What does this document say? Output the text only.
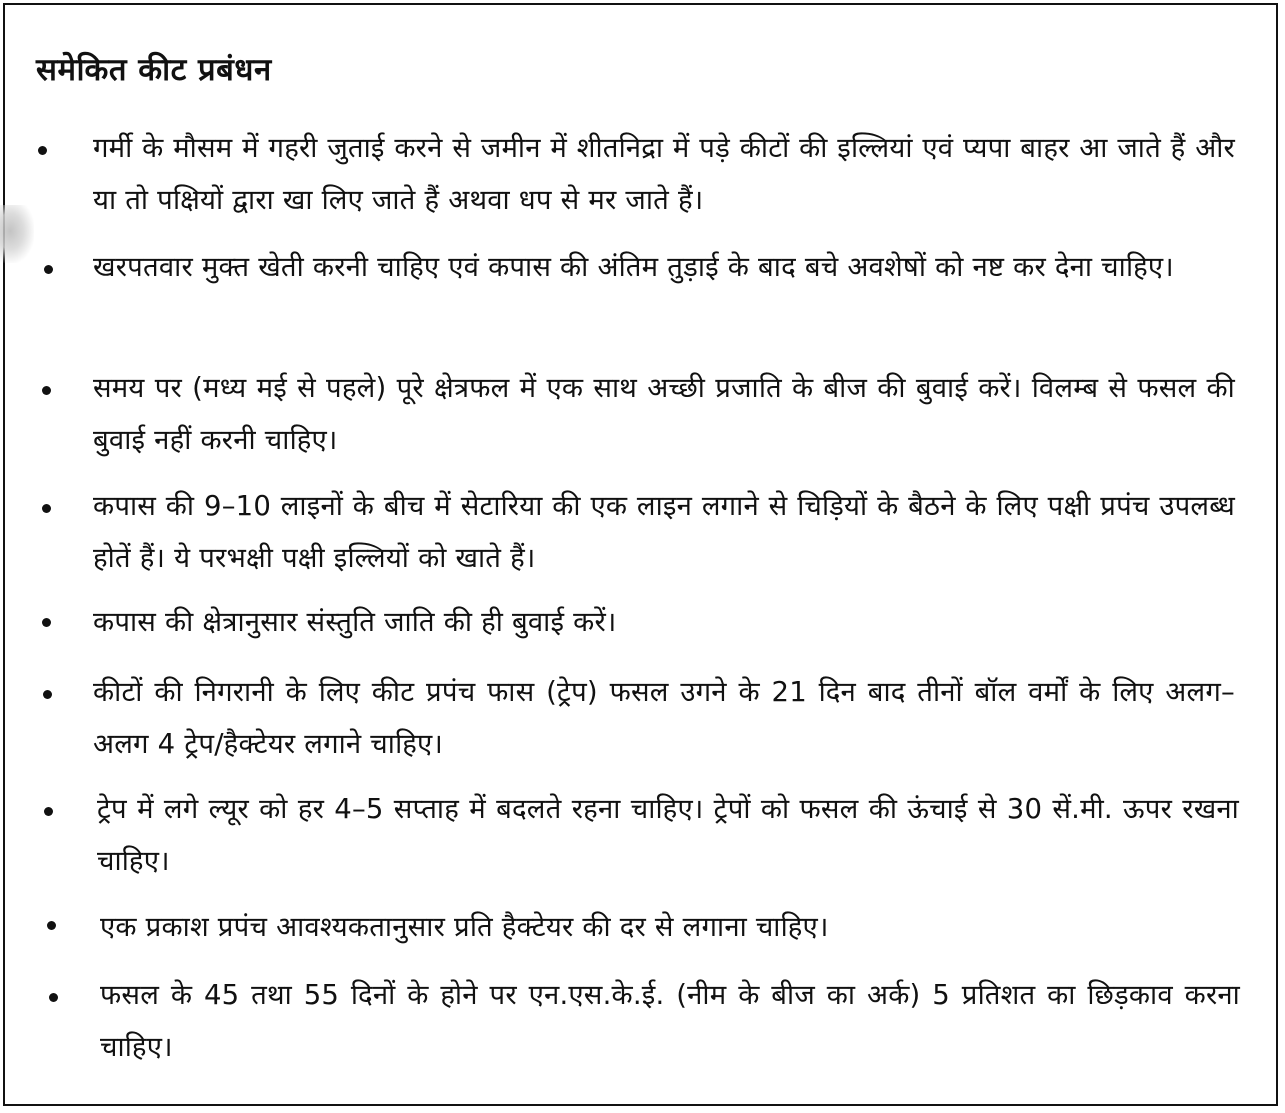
समेकित कीट प्रबंधन
गर्मी के मौसम में गहरी जुताई करने से जमीन में शीतनिद्रा में पड़े कीटों की इल्लियां एवं प्यपा बाहर आ जाते हैं और या तो पक्षियों द्वारा खा लिए जाते हैं अथवा धप से मर जाते हैं।
खरपतवार मुक्त खेती करनी चाहिए एवं कपास की अंतिम तुड़ाई के बाद बचे अवशेषों को नष्ट कर देना चाहिए।
समय पर (मध्य मई से पहले) पूरे क्षेत्रफल में एक साथ अच्छी प्रजाति के बीज की बुवाई करें। विलम्ब से फसल की बुवाई नहीं करनी चाहिए।
कपास की 9–10 लाइनों के बीच में सेटारिया की एक लाइन लगाने से चिड़ियों के बैठने के लिए पक्षी प्रपंच उपलब्ध होतें हैं। ये परभक्षी पक्षी इल्लियों को खाते हैं।
कपास की क्षेत्रानुसार संस्तुति जाति की ही बुवाई करें।
कीटों की निगरानी के लिए कीट प्रपंच फास (ट्रेप) फसल उगने के 21 दिन बाद तीनों बॉल वर्मों के लिए अलग–अलग 4 ट्रेप/हैक्टेयर लगाने चाहिए।
ट्रेप में लगे ल्यूर को हर 4–5 सप्ताह में बदलते रहना चाहिए। ट्रेपों को फसल की ऊंचाई से 30 सें.मी. ऊपर रखना चाहिए।
एक प्रकाश प्रपंच आवश्यकतानुसार प्रति हैक्टेयर की दर से लगाना चाहिए।
फसल के 45 तथा 55 दिनों के होने पर एन.एस.के.ई. (नीम के बीज का अर्क) 5 प्रतिशत का छिड़काव करना चाहिए।
